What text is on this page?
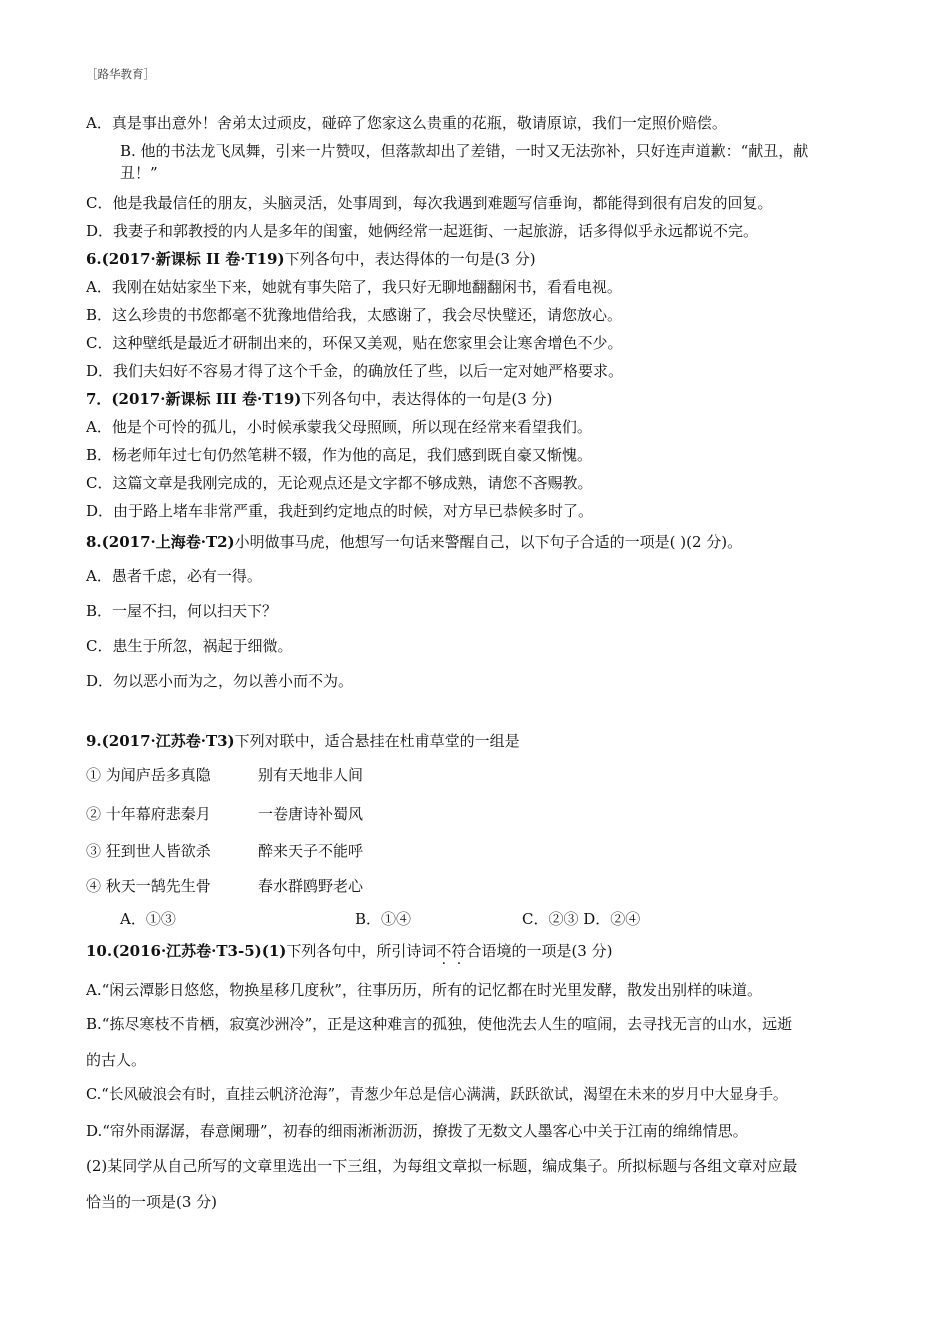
［路华教育］
A．真是事出意外！舍弟太过顽皮，碰碎了您家这么贵重的花瓶，敬请原谅，我们一定照价赔偿。
B. 他的书法龙飞凤舞，引来一片赞叹，但落款却出了差错，一时又无法弥补，只好连声道歉：“献丑，献
丑！”
C．他是我最信任的朋友，头脑灵活，处事周到，每次我遇到难题写信垂询，都能得到很有启发的回复。
D．我妻子和郭教授的内人是多年的闺蜜，她俩经常一起逛街、一起旅游，话多得似乎永远都说不完。
6.(2017·新课标 II 卷·T19)下列各句中，表达得体的一句是(3 分)
A．我刚在姑姑家坐下来，她就有事失陪了，我只好无聊地翻翻闲书，看看电视。
B．这么珍贵的书您都毫不犹豫地借给我，太感谢了，我会尽快璧还，请您放心。
C．这种壁纸是最近才研制出来的，环保又美观，贴在您家里会让寒舍增色不少。
D．我们夫妇好不容易才得了这个千金，的确放任了些，以后一定对她严格要求。
7．(2017·新课标 III 卷·T19)下列各句中，表达得体的一句是(3 分)
A．他是个可怜的孤儿，小时候承蒙我父母照顾，所以现在经常来看望我们。
B．杨老师年过七旬仍然笔耕不辍，作为他的高足，我们感到既自豪又惭愧。
C．这篇文章是我刚完成的，无论观点还是文字都不够成熟，请您不吝赐教。
D．由于路上堵车非常严重，我赶到约定地点的时候，对方早已恭候多时了。
8.(2017·上海卷·T2)小明做事马虎，他想写一句话来警醒自己，以下句子合适的一项是( )(2 分)。
A．愚者千虑，必有一得。
B．一屋不扫，何以扫天下？
C．患生于所忽，祸起于细微。
D．勿以恶小而为之，勿以善小而不为。
9.(2017·江苏卷·T3)下列对联中，适合悬挂在杜甫草堂的一组是
① 为闻庐岳多真隐	别有天地非人间
② 十年幕府悲秦月	一卷唐诗补蜀风
③ 狂到世人皆欲杀	醉来天子不能呼
④ 秋天一鹄先生骨	春水群鸥野老心
A．①③	B．①④	C．②③ D．②④
10.(2016·江苏卷·T3-5)(1)下列各句中，所引诗词不符合语境的一项是(3 分)
A.“闲云潭影日悠悠，物换星移几度秋”，往事历历，所有的记忆都在时光里发酵，散发出别样的味道。
B.“拣尽寒枝不肯栖，寂寞沙洲冷”，正是这种难言的孤独，使他洗去人生的喧闹，去寻找无言的山水，远逝
的古人。
C.“长风破浪会有时，直挂云帆济沧海”，青葱少年总是信心满满，跃跃欲试，渴望在未来的岁月中大显身手。
D.“帘外雨潺潺，春意阑珊”，初春的细雨淅淅沥沥，撩拨了无数文人墨客心中关于江南的绵绵情思。
(2)某同学从自己所写的文章里选出一下三组，为每组文章拟一标题，编成集子。所拟标题与各组文章对应最
恰当的一项是(3 分)
